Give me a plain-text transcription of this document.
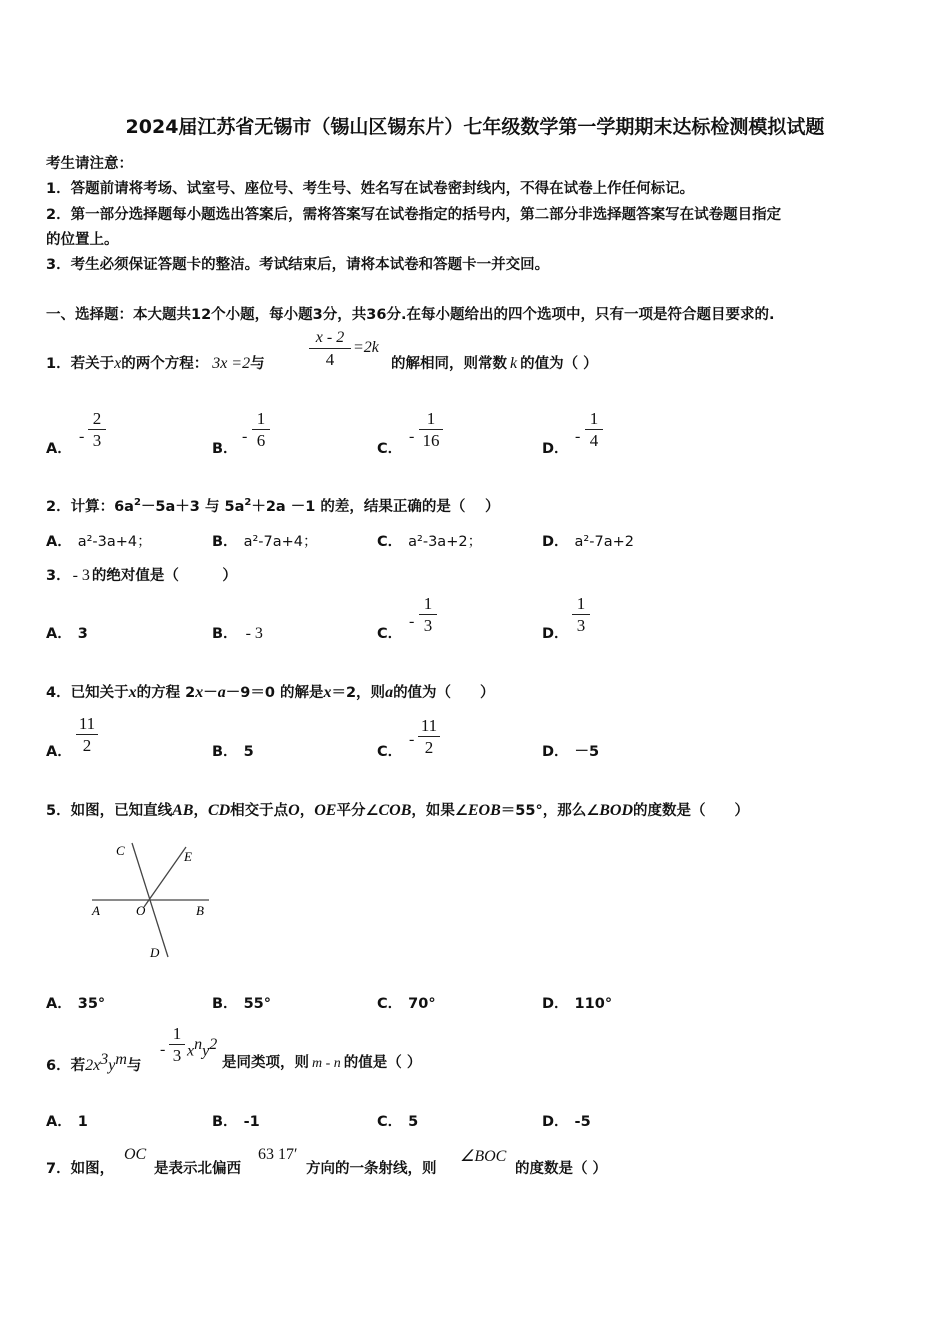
2024届江苏省无锡市（锡山区锡东片）七年级数学第一学期期末达标检测模拟试题
考生请注意：
1．答题前请将考场、试室号、座位号、考生号、姓名写在试卷密封线内，不得在试卷上作任何标记。
2．第一部分选择题每小题选出答案后，需将答案写在试卷指定的括号内，第二部分非选择题答案写在试卷题目指定
的位置上。
3．考生必须保证答题卡的整洁。考试结束后，请将本试卷和答题卡一并交回。
一、选择题：本大题共12个小题，每小题3分，共36分.在每小题给出的四个选项中，只有一项是符合题目要求的.
1．若关于x的两个方程： 3x =2与
x - 2
4
=2k
的解相同，则常数 k 的值为（ ）
A．
-
2
3	B．
-
1
6	C．
-
1
16	D．
-
1
4
2．计算：$6a^2-5a+3$ 与 $5a^2+2a -1$ 的差，结果正确的是（　 ）
A． a²-3a+4；	B． a²-7a+4；	C． a²-3a+2；	D． a²-7a+2
3． - 3 的绝对值是（　　　）
A． 3	B． - 3	C．
-
1
3	D．
1
3
4．已知关于x的方程 2x－a－9＝0 的解是x＝2，则a的值为（　　）
A．
11
2	B． 5	C．
-
11
2	D． －5
5．如图，已知直线AB，CD相交于点O，OE平分∠COB，如果∠EOB＝55°，那么∠BOD的度数是（　　）
C	E
A	O	B
D
A． 35°	B． 55°	C． 70°	D． 110°
6．若$2x^3y^m$与
-
1
3 $x^ny^2$
是同类项，则 m - n 的值是（ ）
A． 1	B． -1	C． 5	D． -5
7．如图，
OC
是表示北偏西
63 17′
方向的一条射线，则
∠BOC
的度数是（ ）
